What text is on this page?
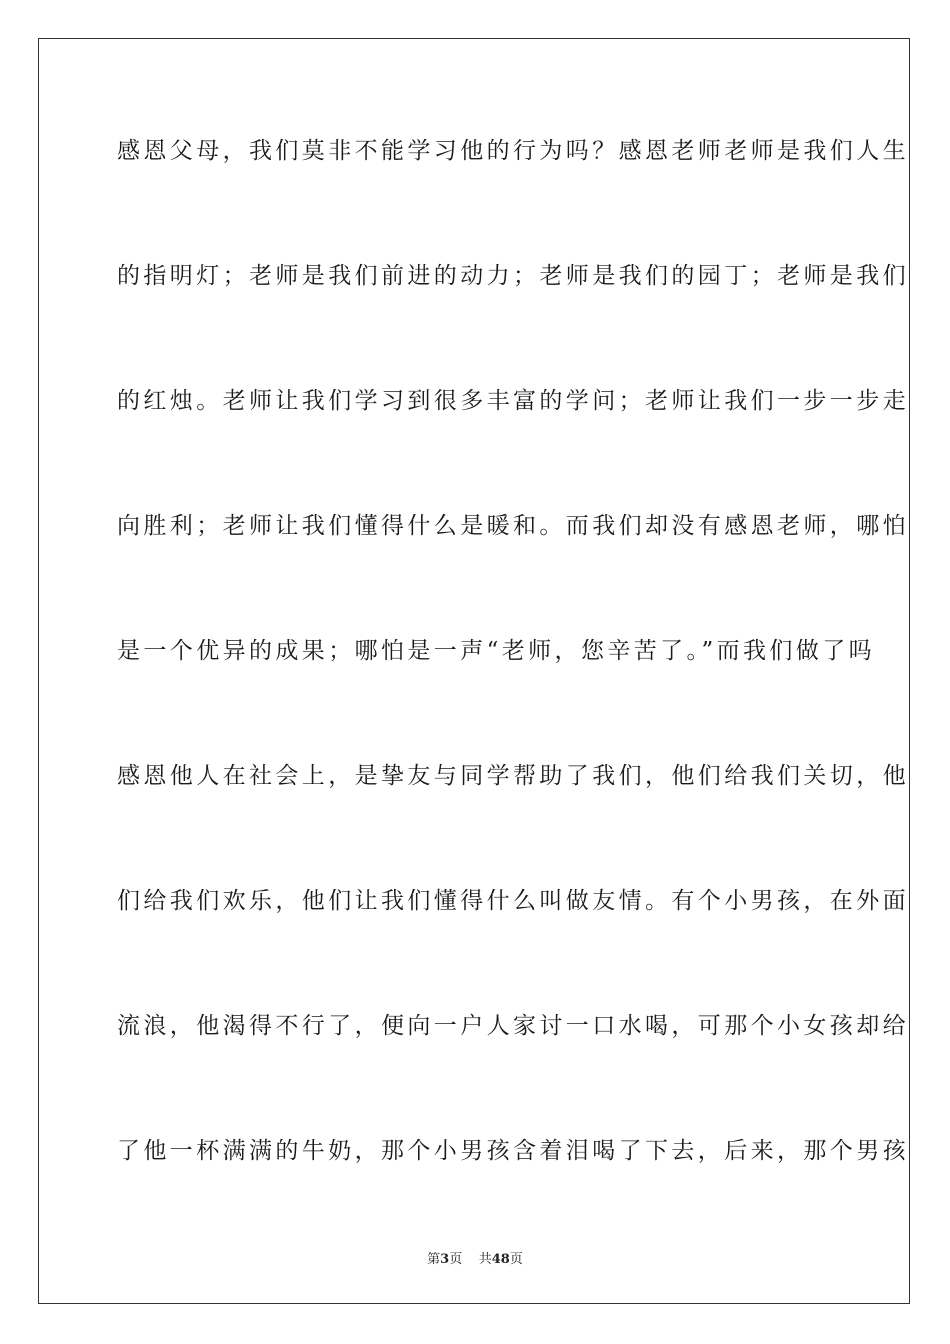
感恩父母，我们莫非不能学习他的行为吗？感恩老师老师是我们人生
的指明灯；老师是我们前进的动力；老师是我们的园丁；老师是我们
的红烛。老师让我们学习到很多丰富的学问；老师让我们一步一步走
向胜利；老师让我们懂得什么是暖和。而我们却没有感恩老师，哪怕
是一个优异的成果；哪怕是一声“老师，您辛苦了。”而我们做了吗
感恩他人在社会上，是挚友与同学帮助了我们，他们给我们关切，他
们给我们欢乐，他们让我们懂得什么叫做友情。有个小男孩，在外面
流浪，他渴得不行了，便向一户人家讨一口水喝，可那个小女孩却给
了他一杯满满的牛奶，那个小男孩含着泪喝了下去，后来，那个男孩
第3页 共48页
